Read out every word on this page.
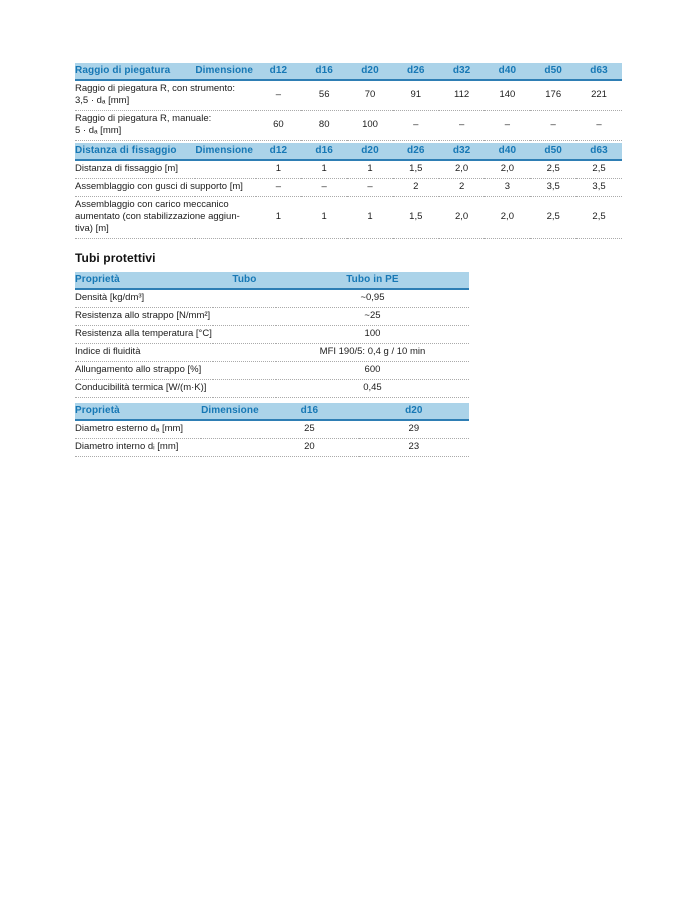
Raggio di piegatura	Dimensione	d12	d16	d20	d26	d32	d40	d50	d63

Raggio di piegatura R, con strumento:
3,5 · dₐ [mm]		–	56	70	91	112	140	176	221

Raggio di piegatura R, manuale:
5 · dₐ [mm]		60	80	100	–	–	–	–	–
Distanza di fissaggio	Dimensione	d12	d16	d20	d26	d32	d40	d50	d63

Distanza di fissaggio [m]		1	1	1	1,5	2,0	2,0	2,5	2,5

Assemblaggio con gusci di supporto [m]		–	–	–	2	2	3	3,5	3,5

Assemblaggio con carico meccanico
aumentato (con stabilizzazione aggiun-
tiva) [m]		1	1	1	1,5	2,0	2,0	2,5	2,5
Tubi protettivi
Proprietà	Tubo	Tubo in PE
Densità [kg/dm³]		~0,95
Resistenza allo strappo [N/mm²]		~25
Resistenza alla temperatura [°C]		100
Indice di fluidità		MFI 190/5: 0,4 g / 10 min
Allungamento allo strappo [%]		600
Conducibilità termica [W/(m·K)]		0,45
Proprietà	Dimensione	d16	d20
Diametro esterno dₐ [mm]		25	29
Diametro interno dᵢ [mm]		20	23
